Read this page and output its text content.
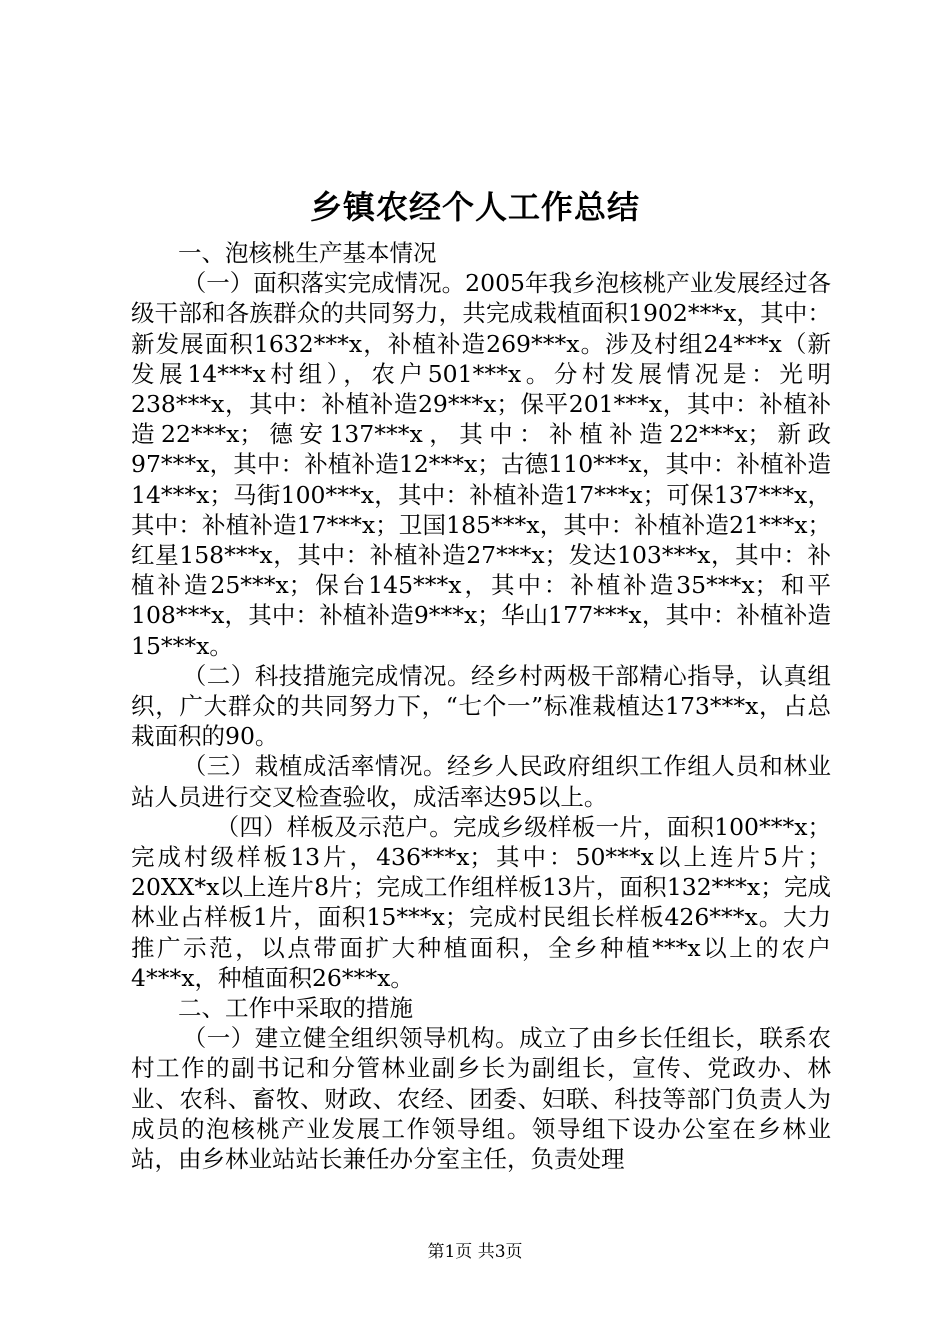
乡镇农经个人工作总结

一、泡核桃生产基本情况

（一）面积落实完成情况。2005年我乡泡核桃产业发展经过各级干部和各族群众的共同努力，共完成栽植面积1902***x，其中：新发展面积1632***x，补植补造269***x。涉及村组24***x（新发展14***x村组），农户501***x。分村发展情况是：光明238***x，其中：补植补造29***x；保平201***x，其中：补植补造22***x；德安137***x，其中：补植补造22***x；新政97***x，其中：补植补造12***x；古德110***x，其中：补植补造14***x；马街100***x，其中：补植补造17***x；可保137***x，其中：补植补造17***x；卫国185***x，其中：补植补造21***x；红星158***x，其中：补植补造27***x；发达103***x，其中：补植补造25***x；保台145***x，其中：补植补造35***x；和平108***x，其中：补植补造9***x；华山177***x，其中：补植补造15***x。

（二）科技措施完成情况。经乡村两极干部精心指导，认真组织，广大群众的共同努力下，“七个一”标准栽植达173***x，占总栽面积的90。

（三）栽植成活率情况。经乡人民政府组织工作组人员和林业站人员进行交叉检查验收，成活率达95以上。

（四）样板及示范户。完成乡级样板一片，面积100***x；完成村级样板13片，436***x；其中：50***x以上连片5片；20XX*x以上连片8片；完成工作组样板13片，面积132***x；完成林业占样板1片，面积15***x；完成村民组长样板426***x。大力推广示范，以点带面扩大种植面积，全乡种植***x以上的农户4***x，种植面积26***x。

二、工作中采取的措施

（一）建立健全组织领导机构。成立了由乡长任组长，联系农村工作的副书记和分管林业副乡长为副组长，宣传、党政办、林业、农科、畜牧、财政、农经、团委、妇联、科技等部门负责人为成员的泡核桃产业发展工作领导组。领导组下设办公室在乡林业站，由乡林业站站长兼任办分室主任，负责处理

第1页 共3页
